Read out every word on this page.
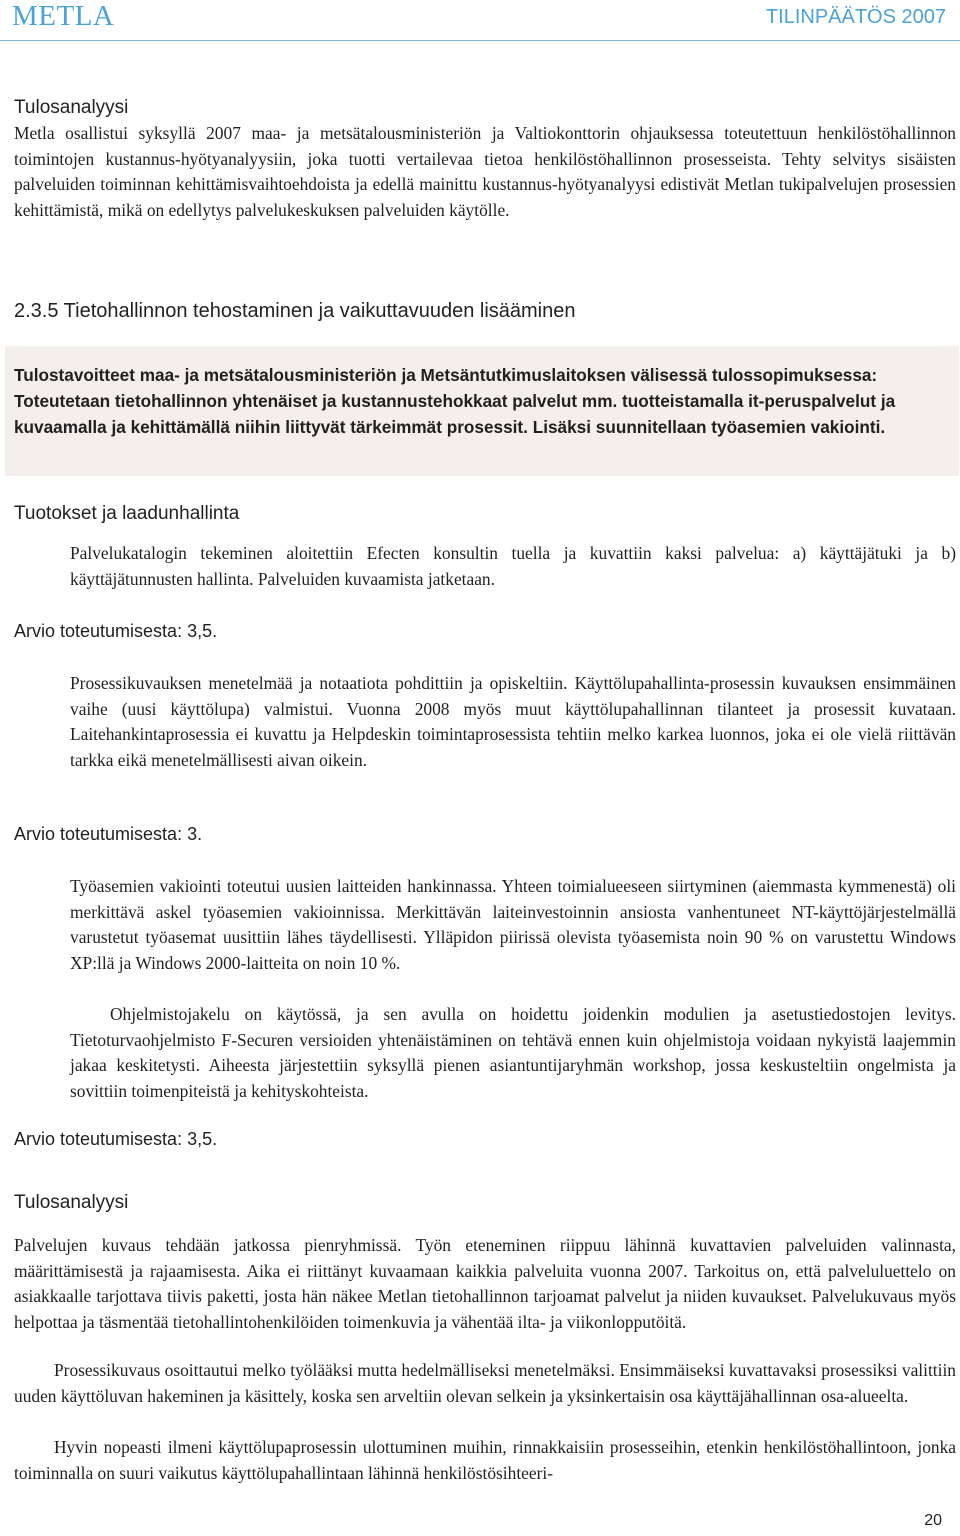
METLA	TILINPÄÄTÖS 2007
Tulosanalyysi

Metla osallistui syksyllä 2007 maa- ja metsätalousministeriön ja Valtiokonttorin ohjauksessa toteutettuun henkilöstöhallinnon toimintojen kustannus-hyötyanalyysiin, joka tuotti vertailevaa tietoa henkilöstöhallinnon prosesseista. Tehty selvitys sisäisten palveluiden toiminnan kehittämisvaihtoehdoista ja edellä mainittu kustannus-hyötyanalyysi edistivät Metlan tukipalvelujen prosessien kehittämistä, mikä on edellytys palvelukeskuksen palveluiden käytölle.

2.3.5 Tietohallinnon tehostaminen ja vaikuttavuuden lisääminen

Tulostavoitteet maa- ja metsätalousministeriön ja Metsäntutkimuslaitoksen välisessä tulossopimuksessa: Toteutetaan tietohallinnon yhtenäiset ja kustannustehokkaat palvelut mm. tuotteistamalla it-peruspalvelut ja kuvaamalla ja kehittämällä niihin liittyvät tärkeimmät prosessit. Lisäksi suunnitellaan työasemien vakiointi.

Tuotokset ja laadunhallinta

Palvelukatalogin tekeminen aloitettiin Efecten konsultin tuella ja kuvattiin kaksi palvelua: a) käyttäjätuki ja b) käyttäjätunnusten hallinta. Palveluiden kuvaamista jatketaan.

Arvio toteutumisesta: 3,5.

Prosessikuvauksen menetelmää ja notaatiota pohdittiin ja opiskeltiin. Käyttölupahallinta-prosessin kuvauksen ensimmäinen vaihe (uusi käyttölupa) valmistui. Vuonna 2008 myös muut käyttölupahallinnan tilanteet ja prosessit kuvataan. Laitehankintaprosessia ei kuvattu ja Helpdeskin toimintaprosessista tehtiin melko karkea luonnos, joka ei ole vielä riittävän tarkka eikä menetelmällisesti aivan oikein.

Arvio toteutumisesta: 3.

Työasemien vakiointi toteutui uusien laitteiden hankinnassa. Yhteen toimialueeseen siirtyminen (aiemmasta kymmenestä) oli merkittävä askel työasemien vakioinnissa. Merkittävän laiteinvestoinnin ansiosta vanhentuneet NT-käyttöjärjestelmällä varustetut työasemat uusittiin lähes täydellisesti. Ylläpidon piirissä olevista työasemista noin 90 % on varustettu Windows XP:llä ja Windows 2000-laitteita on noin 10 %.

Ohjelmistojakelu on käytössä, ja sen avulla on hoidettu joidenkin modulien ja asetustiedostojen levitys. Tietoturvaohjelmisto F-Securen versioiden yhtenäistäminen on tehtävä ennen kuin ohjelmistoja voidaan nykyistä laajemmin jakaa keskitetysti. Aiheesta järjestettiin syksyllä pienen asiantuntijaryhmän workshop, jossa keskusteltiin ongelmista ja sovittiin toimenpiteistä ja kehityskohteista.

Arvio toteutumisesta: 3,5.
Tulosanalyysi

Palvelujen kuvaus tehdään jatkossa pienryhmissä. Työn eteneminen riippuu lähinnä kuvattavien palveluiden valinnasta, määrittämisestä ja rajaamisesta. Aika ei riittänyt kuvaamaan kaikkia palveluita vuonna 2007. Tarkoitus on, että palveluluettelo on asiakkaalle tarjottava tiivis paketti, josta hän näkee Metlan tietohallinnon tarjoamat palvelut ja niiden kuvaukset. Palvelukuvaus myös helpottaa ja täsmentää tietohallintohenkilöiden toimenkuvia ja vähentää ilta- ja viikonlopputöitä.

Prosessikuvaus osoittautui melko työlääksi mutta hedelmälliseksi menetelmäksi. Ensimmäiseksi kuvattavaksi prosessiksi valittiin uuden käyttöluvan hakeminen ja käsittely, koska sen arveltiin olevan selkein ja yksinkertaisin osa käyttäjähallinnan osa-alueelta.

Hyvin nopeasti ilmeni käyttölupaprosessin ulottuminen muihin, rinnakkaisiin prosesseihin, etenkin henkilöstöhallintoon, jonka toiminnalla on suuri vaikutus käyttölupahallintaan lähinnä henkilöstösihteeri-

20
